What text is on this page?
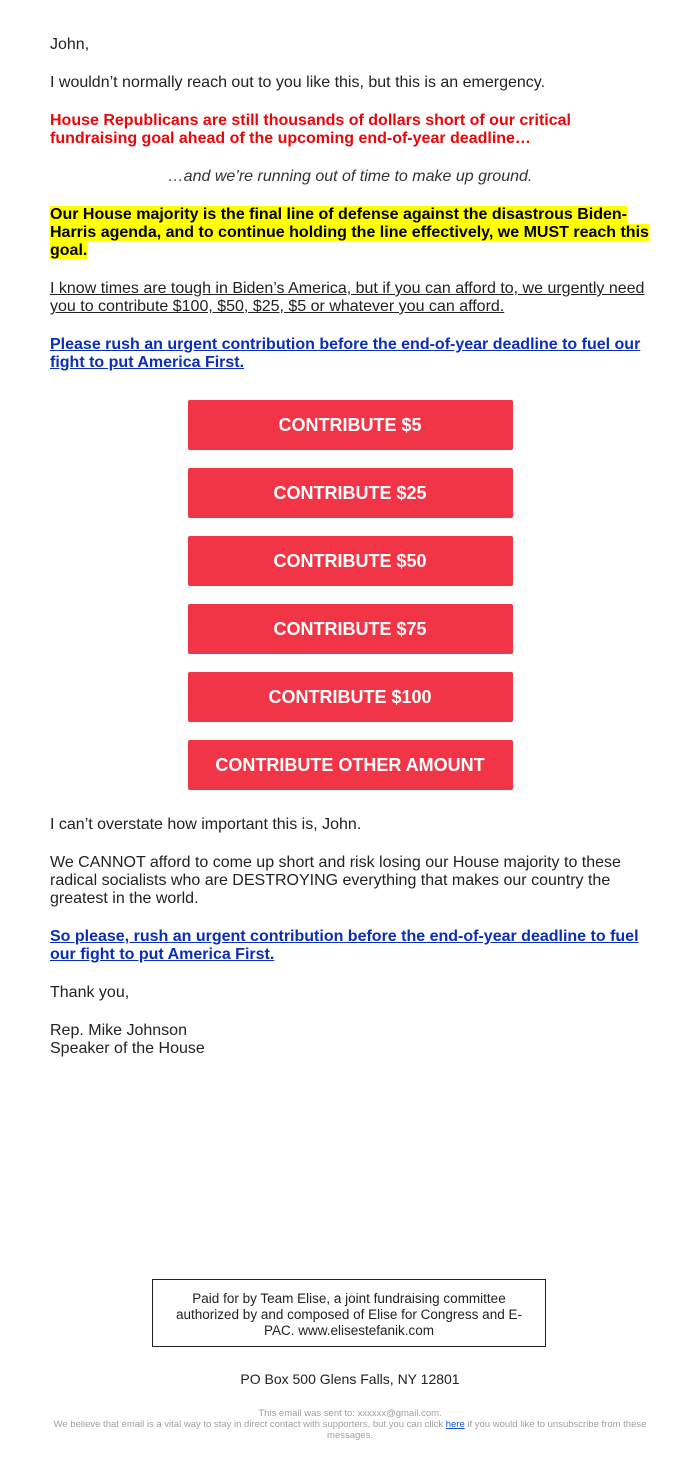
John,

I wouldn’t normally reach out to you like this, but this is an emergency.

House Republicans are still thousands of dollars short of our critical fundraising goal ahead of the upcoming end-of-year deadline…

…and we’re running out of time to make up ground.

Our House majority is the final line of defense against the disastrous Biden-Harris agenda, and to continue holding the line effectively, we MUST reach this goal.

I know times are tough in Biden’s America, but if you can afford to, we urgently need you to contribute $100, $50, $25, $5 or whatever you can afford.

Please rush an urgent contribution before the end-of-year deadline to fuel our fight to put America First.
CONTRIBUTE $5
CONTRIBUTE $25
CONTRIBUTE $50
CONTRIBUTE $75
CONTRIBUTE $100
CONTRIBUTE OTHER AMOUNT

I can’t overstate how important this is, John.

We CANNOT afford to come up short and risk losing our House majority to these radical socialists who are DESTROYING everything that makes our country the greatest in the world.

So please, rush an urgent contribution before the end-of-year deadline to fuel our fight to put America First.

Thank you,

Rep. Mike Johnson

Speaker of the House

Paid for by Team Elise, a joint fundraising committee authorized by and composed of Elise for Congress and E-PAC. www.elisestefanik.com
PO Box 500 Glens Falls, NY 12801
This email was sent to: xxxxxx@gmail.com.
We believe that email is a vital way to stay in direct contact with supporters, but you can click here if you would like to unsubscribe from these messages.
